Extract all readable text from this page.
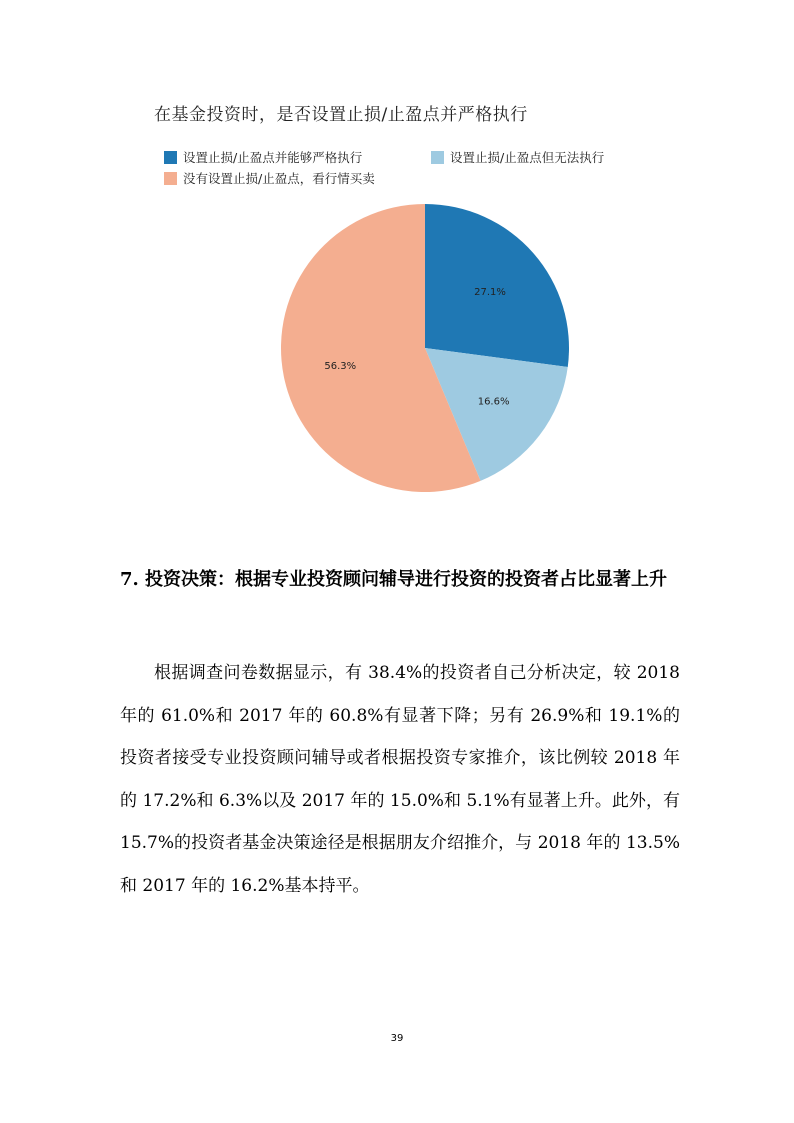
在基金投资时，是否设置止损/止盈点并严格执行
设置止损/止盈点并能够严格执行	设置止损/止盈点但无法执行
没有设置止损/止盈点，看行情买卖
27.1%
16.6%
56.3%
7. 投资决策：根据专业投资顾问辅导进行投资的投资者占比显著上升
根据调查问卷数据显示，有 38.4%的投资者自己分析决定，较 2018 年的 61.0%和 2017 年的 60.8%有显著下降；另有 26.9%和 19.1%的投资者接受专业投资顾问辅导或者根据投资专家推介，该比例较 2018 年的 17.2%和 6.3%以及 2017 年的 15.0%和 5.1%有显著上升。此外，有 15.7%的投资者基金决策途径是根据朋友介绍推介，与 2018 年的 13.5%和 2017 年的 16.2%基本持平。
39
